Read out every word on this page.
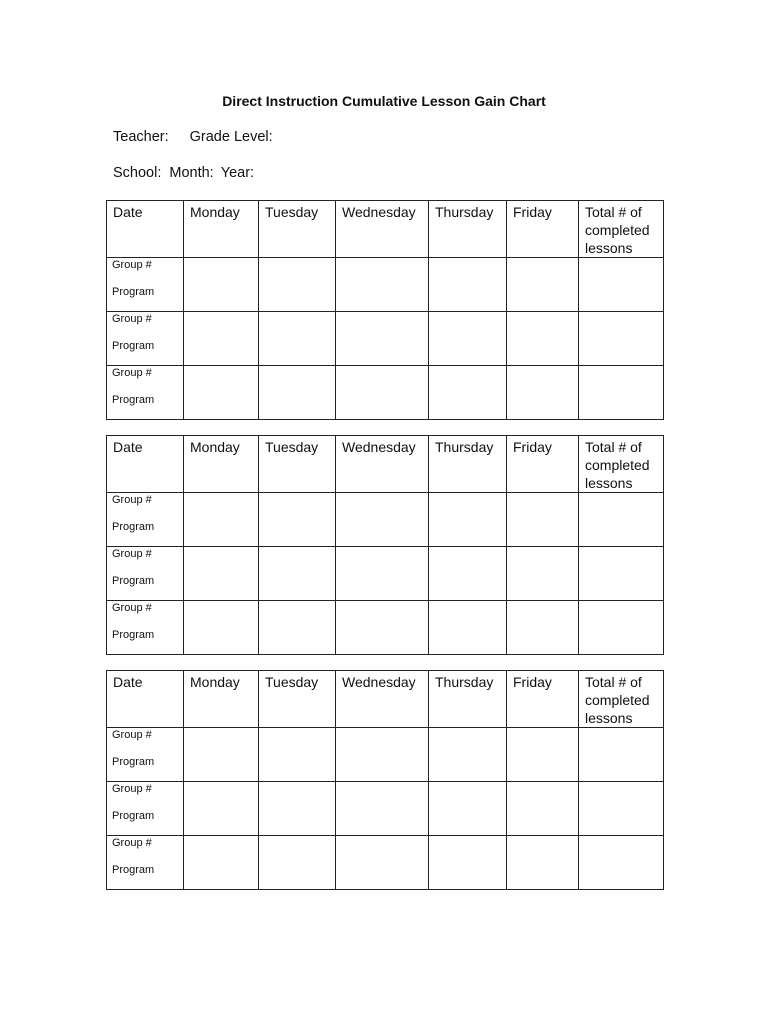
Direct Instruction Cumulative Lesson Gain Chart
Teacher: Grade Level:
School: Month: Year:
Date	Monday	Tuesday	Wednesday	Thursday	Friday	Total # of completed lessons

Group #
Program						

Group #
Program						

Group #
Program						

Date	Monday	Tuesday	Wednesday	Thursday	Friday	Total # of completed lessons

Group #
Program						

Group #
Program						

Group #
Program						

Date	Monday	Tuesday	Wednesday	Thursday	Friday	Total # of completed lessons

Group #
Program						

Group #
Program						

Group #
Program						
